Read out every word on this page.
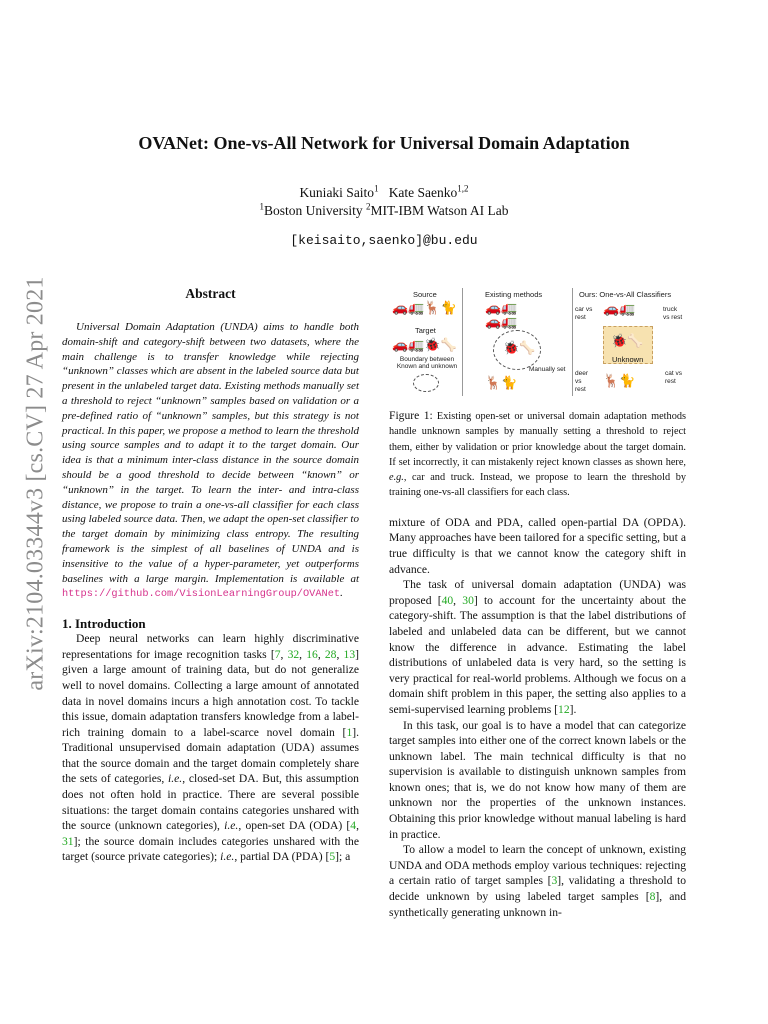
arXiv:2104.03344v3 [cs.CV] 27 Apr 2021
OVANet: One-vs-All Network for Universal Domain Adaptation
Kuniaki Saito$^1$ Kate Saenko$^{1,2}$
$^1$Boston University $^2$MIT-IBM Watson AI Lab
[keisaito,saenko]@bu.edu
Abstract

Universal Domain Adaptation (UNDA) aims to handle both domain-shift and category-shift between two datasets, where the main challenge is to transfer knowledge while rejecting “unknown” classes which are absent in the labeled source data but present in the unlabeled target data. Existing methods manually set a threshold to reject “unknown” samples based on validation or a pre-defined ratio of “unknown” samples, but this strategy is not practical. In this paper, we propose a method to learn the threshold using source samples and to adapt it to the target domain. Our idea is that a minimum inter-class distance in the source domain should be a good threshold to decide between “known” or “unknown” in the target. To learn the inter- and intra-class distance, we propose to train a one-vs-all classifier for each class using labeled source data. Then, we adapt the open-set classifier to the target domain by minimizing class entropy. The resulting framework is the simplest of all baselines of UNDA and is insensitive to the value of a hyper-parameter, yet outperforms baselines with a large margin. Implementation is available at https://github.com/VisionLearningGroup/OVANet.

1. Introduction

Deep neural networks can learn highly discriminative representations for image recognition tasks [7, 32, 16, 28, 13] given a large amount of training data, but do not generalize well to novel domains. Collecting a large amount of annotated data in novel domains incurs a high annotation cost. To tackle this issue, domain adaptation transfers knowledge from a label-rich training domain to a label-scarce novel domain [1]. Traditional unsupervised domain adaptation (UDA) assumes that the source domain and the target domain completely share the sets of categories, i.e., closed-set DA. But, this assumption does not often hold in practice. There are several possible situations: the target domain contains categories unshared with the source (unknown categories), i.e., open-set DA (ODA) [4, 31]; the source domain includes categories unshared with the target (source private categories); i.e., partial DA (PDA) [5]; a

Source
🚗🚛🦌🐈
Target
🚗🚛🐞🦴
Boundary between Known and unknown
Existing methods
🚗🚛
🚗🚛
🐞🦴
Manually set
🦌🐈
Ours: One-vs-All Classifiers
car vs rest
🚗🚛	truck vs rest
Unknown
🐞🦴
deer vs rest
🦌🐈	cat vs rest

Figure 1: Existing open-set or universal domain adaptation methods handle unknown samples by manually setting a threshold to reject them, either by validation or prior knowledge about the target domain. If set incorrectly, it can mistakenly reject known classes as shown here, e.g., car and truck. Instead, we propose to learn the threshold by training one-vs-all classifiers for each class.

mixture of ODA and PDA, called open-partial DA (OPDA). Many approaches have been tailored for a specific setting, but a true difficulty is that we cannot know the category shift in advance.

The task of universal domain adaptation (UNDA) was proposed [40, 30] to account for the uncertainty about the category-shift. The assumption is that the label distributions of labeled and unlabeled data can be different, but we cannot know the difference in advance. Estimating the label distributions of unlabeled data is very hard, so the setting is very practical for real-world problems. Although we focus on a domain shift problem in this paper, the setting also applies to a semi-supervised learning problems [12].

In this task, our goal is to have a model that can categorize target samples into either one of the correct known labels or the unknown label. The main technical difficulty is that no supervision is available to distinguish unknown samples from known ones; that is, we do not know how many of them are unknown nor the properties of the unknown instances. Obtaining this prior knowledge without manual labeling is hard in practice.

To allow a model to learn the concept of unknown, existing UNDA and ODA methods employ various techniques: rejecting a certain ratio of target samples [3], validating a threshold to decide unknown by using labeled target samples [8], and synthetically generating unknown in-
